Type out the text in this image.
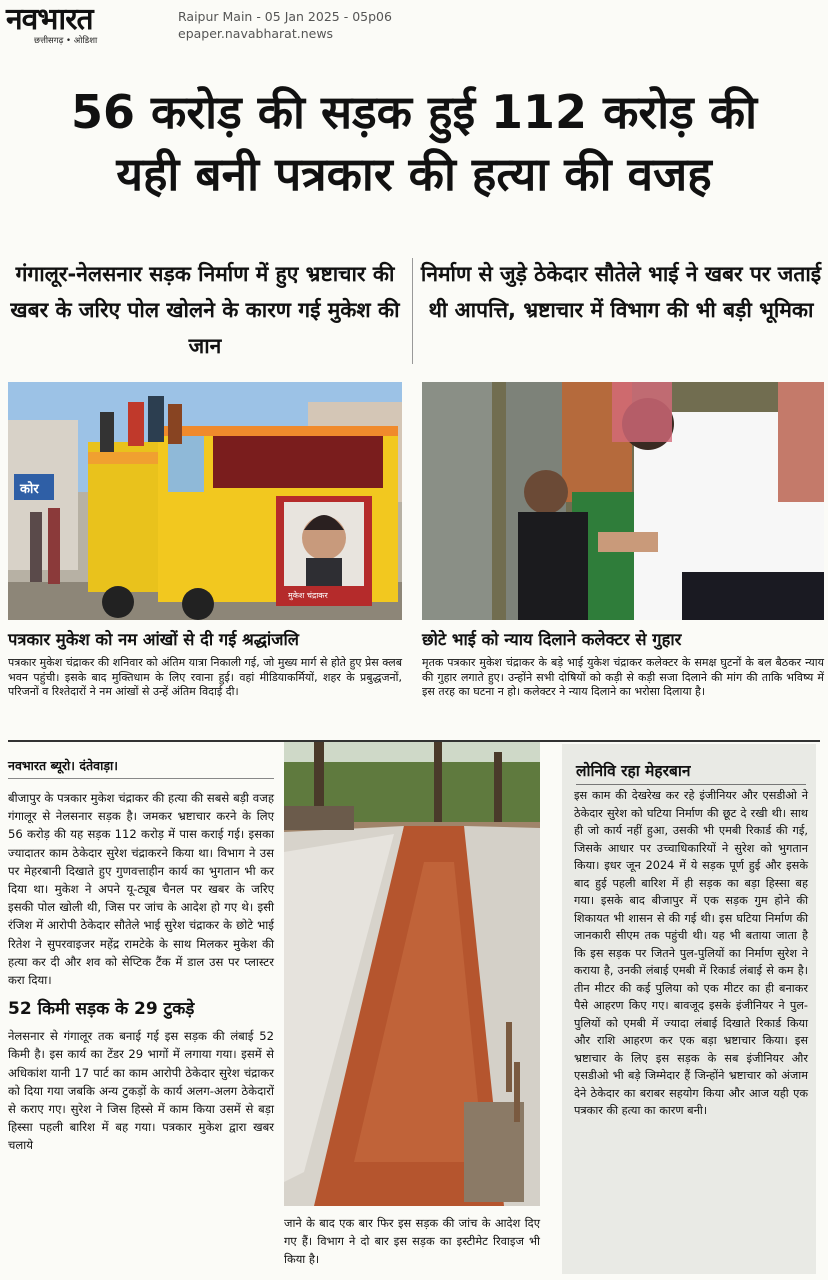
नवभारत
छत्तीसगढ़ • ओडिशा
Raipur Main - 05 Jan 2025 - 05p06
epaper.navabharat.news
56 करोड़ की सड़क हुई 112 करोड़ की
यही बनी पत्रकार की हत्या की वजह
गंगालूर-नेलसनार सड़क निर्माण में हुए भ्रष्टाचार की खबर के जरिए पोल खोलने के कारण गई मुकेश की जान
निर्माण से जुड़े ठेकेदार सौतेले भाई ने खबर पर जताई थी आपत्ति, भ्रष्टाचार में विभाग की भी बड़ी भूमिका
कोर
मुकेश चंद्राकर
पत्रकार मुकेश को नम आंखों से दी गई श्रद्धांजलि
पत्रकार मुकेश चंद्राकर की शनिवार को अंतिम यात्रा निकाली गई, जो मुख्य मार्ग से होते हुए प्रेस क्लब भवन पहुंची। इसके बाद मुक्तिधाम के लिए रवाना हुई। वहां मीडियाकर्मियों, शहर के प्रबुद्धजनों, परिजनों व रिश्तेदारों ने नम आंखों से उन्हें अंतिम विदाई दी।
छोटे भाई को न्याय दिलाने कलेक्टर से गुहार
मृतक पत्रकार मुकेश चंद्राकर के बड़े भाई युकेश चंद्राकर कलेक्टर के समक्ष घुटनों के बल बैठकर न्याय की गुहार लगाते हुए। उन्होंने सभी दोषियों को कड़ी से कड़ी सजा दिलाने की मांग की ताकि भविष्य में इस तरह का घटना न हो। कलेक्टर ने न्याय दिलाने का भरोसा दिलाया है।

नवभारत ब्यूरो। दंतेवाड़ा।

बीजापुर के पत्रकार मुकेश चंद्राकर की हत्या की सबसे बड़ी वजह गंगालूर से नेलसनार सड़क है। जमकर भ्रष्टाचार करने के लिए 56 करोड़ की यह सड़क 112 करोड़ में पास कराई गई। इसका ज्यादातर काम ठेकेदार सुरेश चंद्राकरने किया था। विभाग ने उस पर मेहरबानी दिखाते हुए गुणवत्ताहीन कार्य का भुगतान भी कर दिया था। मुकेश ने अपने यू-ट्यूब चैनल पर खबर के जरिए इसकी पोल खोली थी, जिस पर जांच के आदेश हो गए थे। इसी रंजिश में आरोपी ठेकेदार सौतेले भाई सुरेश चंद्राकर के छोटे भाई रितेश ने सुपरवाइजर महेंद्र रामटेके के साथ मिलकर मुकेश की हत्या कर दी और शव को सेप्टिक टैंक में डाल उस पर प्लास्टर करा दिया।

52 किमी सड़क के 29 टुकड़े

नेलसनार से गंगालूर तक बनाई गई इस सड़क की लंबाई 52 किमी है। इस कार्य का टेंडर 29 भागों में लगाया गया। इसमें से अधिकांश यानी 17 पार्ट का काम आरोपी ठेकेदार सुरेश चंद्राकर को दिया गया जबकि अन्य टुकड़ों के कार्य अलग-अलग ठेकेदारों से कराए गए। सुरेश ने जिस हिस्से में काम किया उसमें से बड़ा हिस्सा पहली बारिश में बह गया। पत्रकार मुकेश द्वारा खबर चलाये

जाने के बाद एक बार फिर इस सड़क की जांच के आदेश दिए गए हैं। विभाग ने दो बार इस सड़क का इस्टीमेट रिवाइज भी किया है।
लोनिवि रहा मेहरबान
इस काम की देखरेख कर रहे इंजीनियर और एसडीओ ने ठेकेदार सुरेश को घटिया निर्माण की छूट दे रखी थी। साथ ही जो कार्य नहीं हुआ, उसकी भी एमबी रिकार्ड की गई, जिसके आधार पर उच्चाधिकारियों ने सुरेश को भुगतान किया। इधर जून 2024 में ये सड़क पूर्ण हुई और इसके बाद हुई पहली बारिश में ही सड़क का बड़ा हिस्सा बह गया। इसके बाद बीजापुर में एक सड़क गुम होने की शिकायत भी शासन से की गई थी। इस घटिया निर्माण की जानकारी सीएम तक पहुंची थी। यह भी बताया जाता है कि इस सड़क पर जितने पुल-पुलियों का निर्माण सुरेश ने कराया है, उनकी लंबाई एमबी में रिकार्ड लंबाई से कम है। तीन मीटर की कई पुलिया को एक मीटर का ही बनाकर पैसे आहरण किए गए। बावजूद इसके इंजीनियर ने पुल-पुलियों को एमबी में ज्यादा लंबाई दिखाते रिकार्ड किया और राशि आहरण कर एक बड़ा भ्रष्टाचार किया। इस भ्रष्टाचार के लिए इस सड़क के सब इंजीनियर और एसडीओ भी बड़े जिम्मेदार हैं जिन्होंने भ्रष्टाचार को अंजाम देने ठेकेदार का बराबर सहयोग किया और आज यही एक पत्रकार की हत्या का कारण बनी।
